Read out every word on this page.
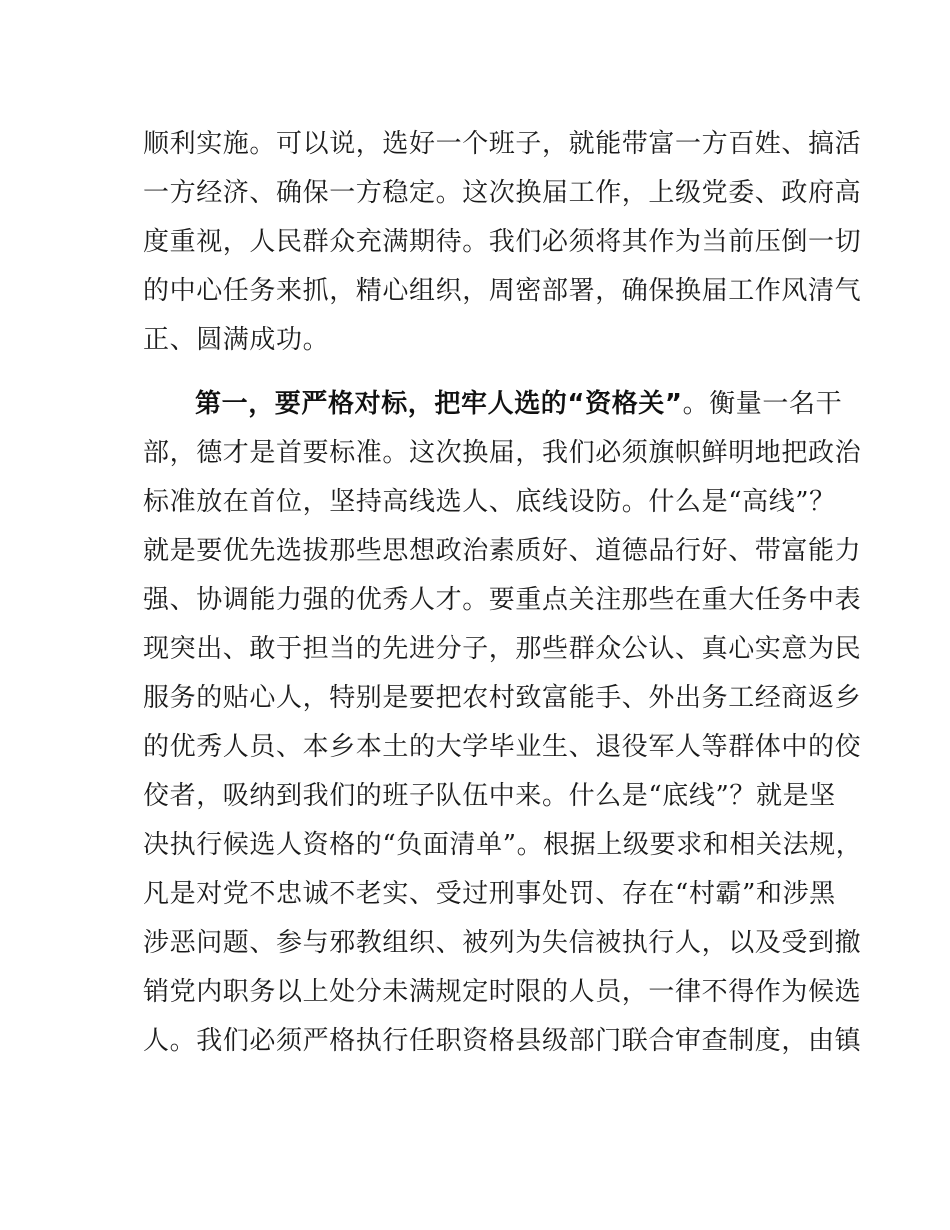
顺利实施。可以说，选好一个班子，就能带富一方百姓、搞活
一方经济、确保一方稳定。这次换届工作，上级党委、政府高
度重视，人民群众充满期待。我们必须将其作为当前压倒一切
的中心任务来抓，精心组织，周密部署，确保换届工作风清气
正、圆满成功。
第一，要严格对标，把牢人选的“资格关”。衡量一名干
部，德才是首要标准。这次换届，我们必须旗帜鲜明地把政治
标准放在首位，坚持高线选人、底线设防。什么是“高线”？
就是要优先选拔那些思想政治素质好、道德品行好、带富能力
强、协调能力强的优秀人才。要重点关注那些在重大任务中表
现突出、敢于担当的先进分子，那些群众公认、真心实意为民
服务的贴心人，特别是要把农村致富能手、外出务工经商返乡
的优秀人员、本乡本土的大学毕业生、退役军人等群体中的佼
佼者，吸纳到我们的班子队伍中来。什么是“底线”？就是坚
决执行候选人资格的“负面清单”。根据上级要求和相关法规，
凡是对党不忠诚不老实、受过刑事处罚、存在“村霸”和涉黑
涉恶问题、参与邪教组织、被列为失信被执行人，以及受到撤
销党内职务以上处分未满规定时限的人员，一律不得作为候选
人。我们必须严格执行任职资格县级部门联合审查制度，由镇
